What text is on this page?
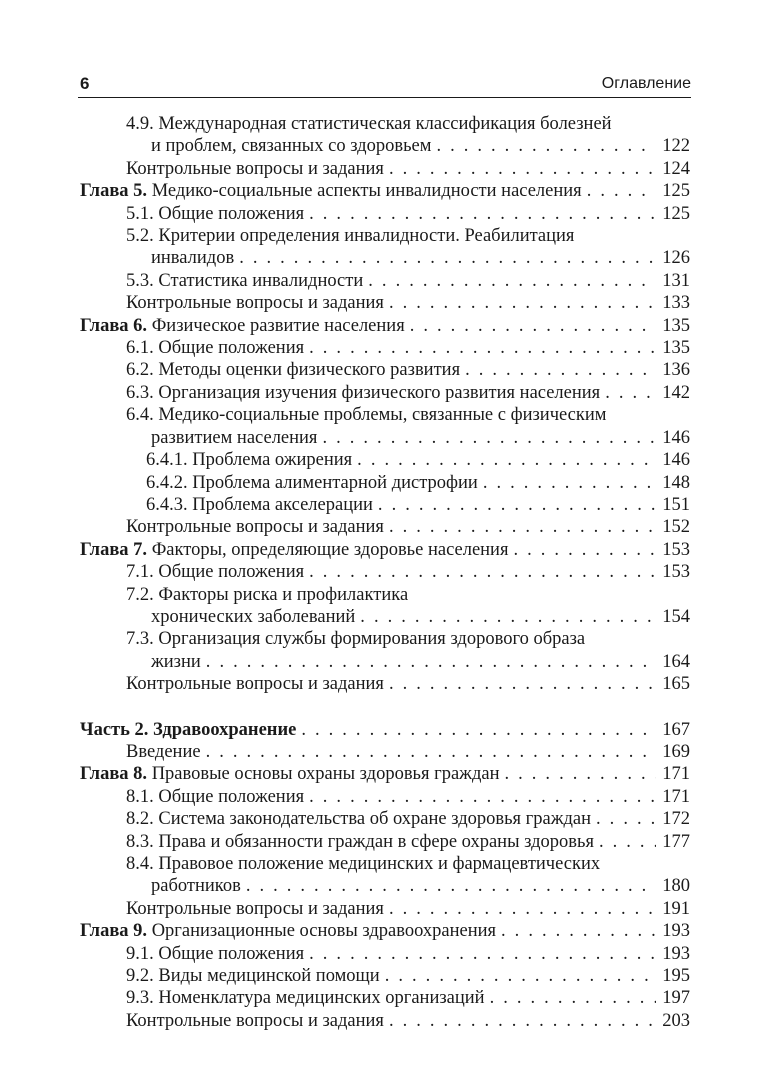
6	Оглавление
4.9. Международная статистическая классификация болезней
и проблем, связанных со здоровьем . . .	122
Контрольные вопросы и задания . . .	124
Глава 5. Медико-социальные аспекты инвалидности населения . . .	125
5.1. Общие положения . . .	125
5.2. Критерии определения инвалидности. Реабилитация
инвалидов . . .	126
5.3. Статистика инвалидности . . .	131
Контрольные вопросы и задания . . .	133
Глава 6. Физическое развитие населения . . .	135
6.1. Общие положения . . .	135
6.2. Методы оценки физического развития . . .	136
6.3. Организация изучения физического развития населения . . .	142
6.4. Медико-социальные проблемы, связанные с физическим
развитием населения . . .	146
6.4.1. Проблема ожирения . . .	146
6.4.2. Проблема алиментарной дистрофии . . .	148
6.4.3. Проблема акселерации . . .	151
Контрольные вопросы и задания . . .	152
Глава 7. Факторы, определяющие здоровье населения . . .	153
7.1. Общие положения . . .	153
7.2. Факторы риска и профилактика
хронических заболеваний . . .	154
7.3. Организация службы формирования здорового образа
жизни . . .	164
Контрольные вопросы и задания . . .	165
Часть 2. Здравоохранение . . .	167
Введение . . .	169
Глава 8. Правовые основы охраны здоровья граждан . . .	171
8.1. Общие положения . . .	171
8.2. Система законодательства об охране здоровья граждан . . .	172
8.3. Права и обязанности граждан в сфере охраны здоровья . . .	177
8.4. Правовое положение медицинских и фармацевтических
работников . . .	180
Контрольные вопросы и задания . . .	191
Глава 9. Организационные основы здравоохранения . . .	193
9.1. Общие положения . . .	193
9.2. Виды медицинской помощи . . .	195
9.3. Номенклатура медицинских организаций . . .	197
Контрольные вопросы и задания . . .	203
